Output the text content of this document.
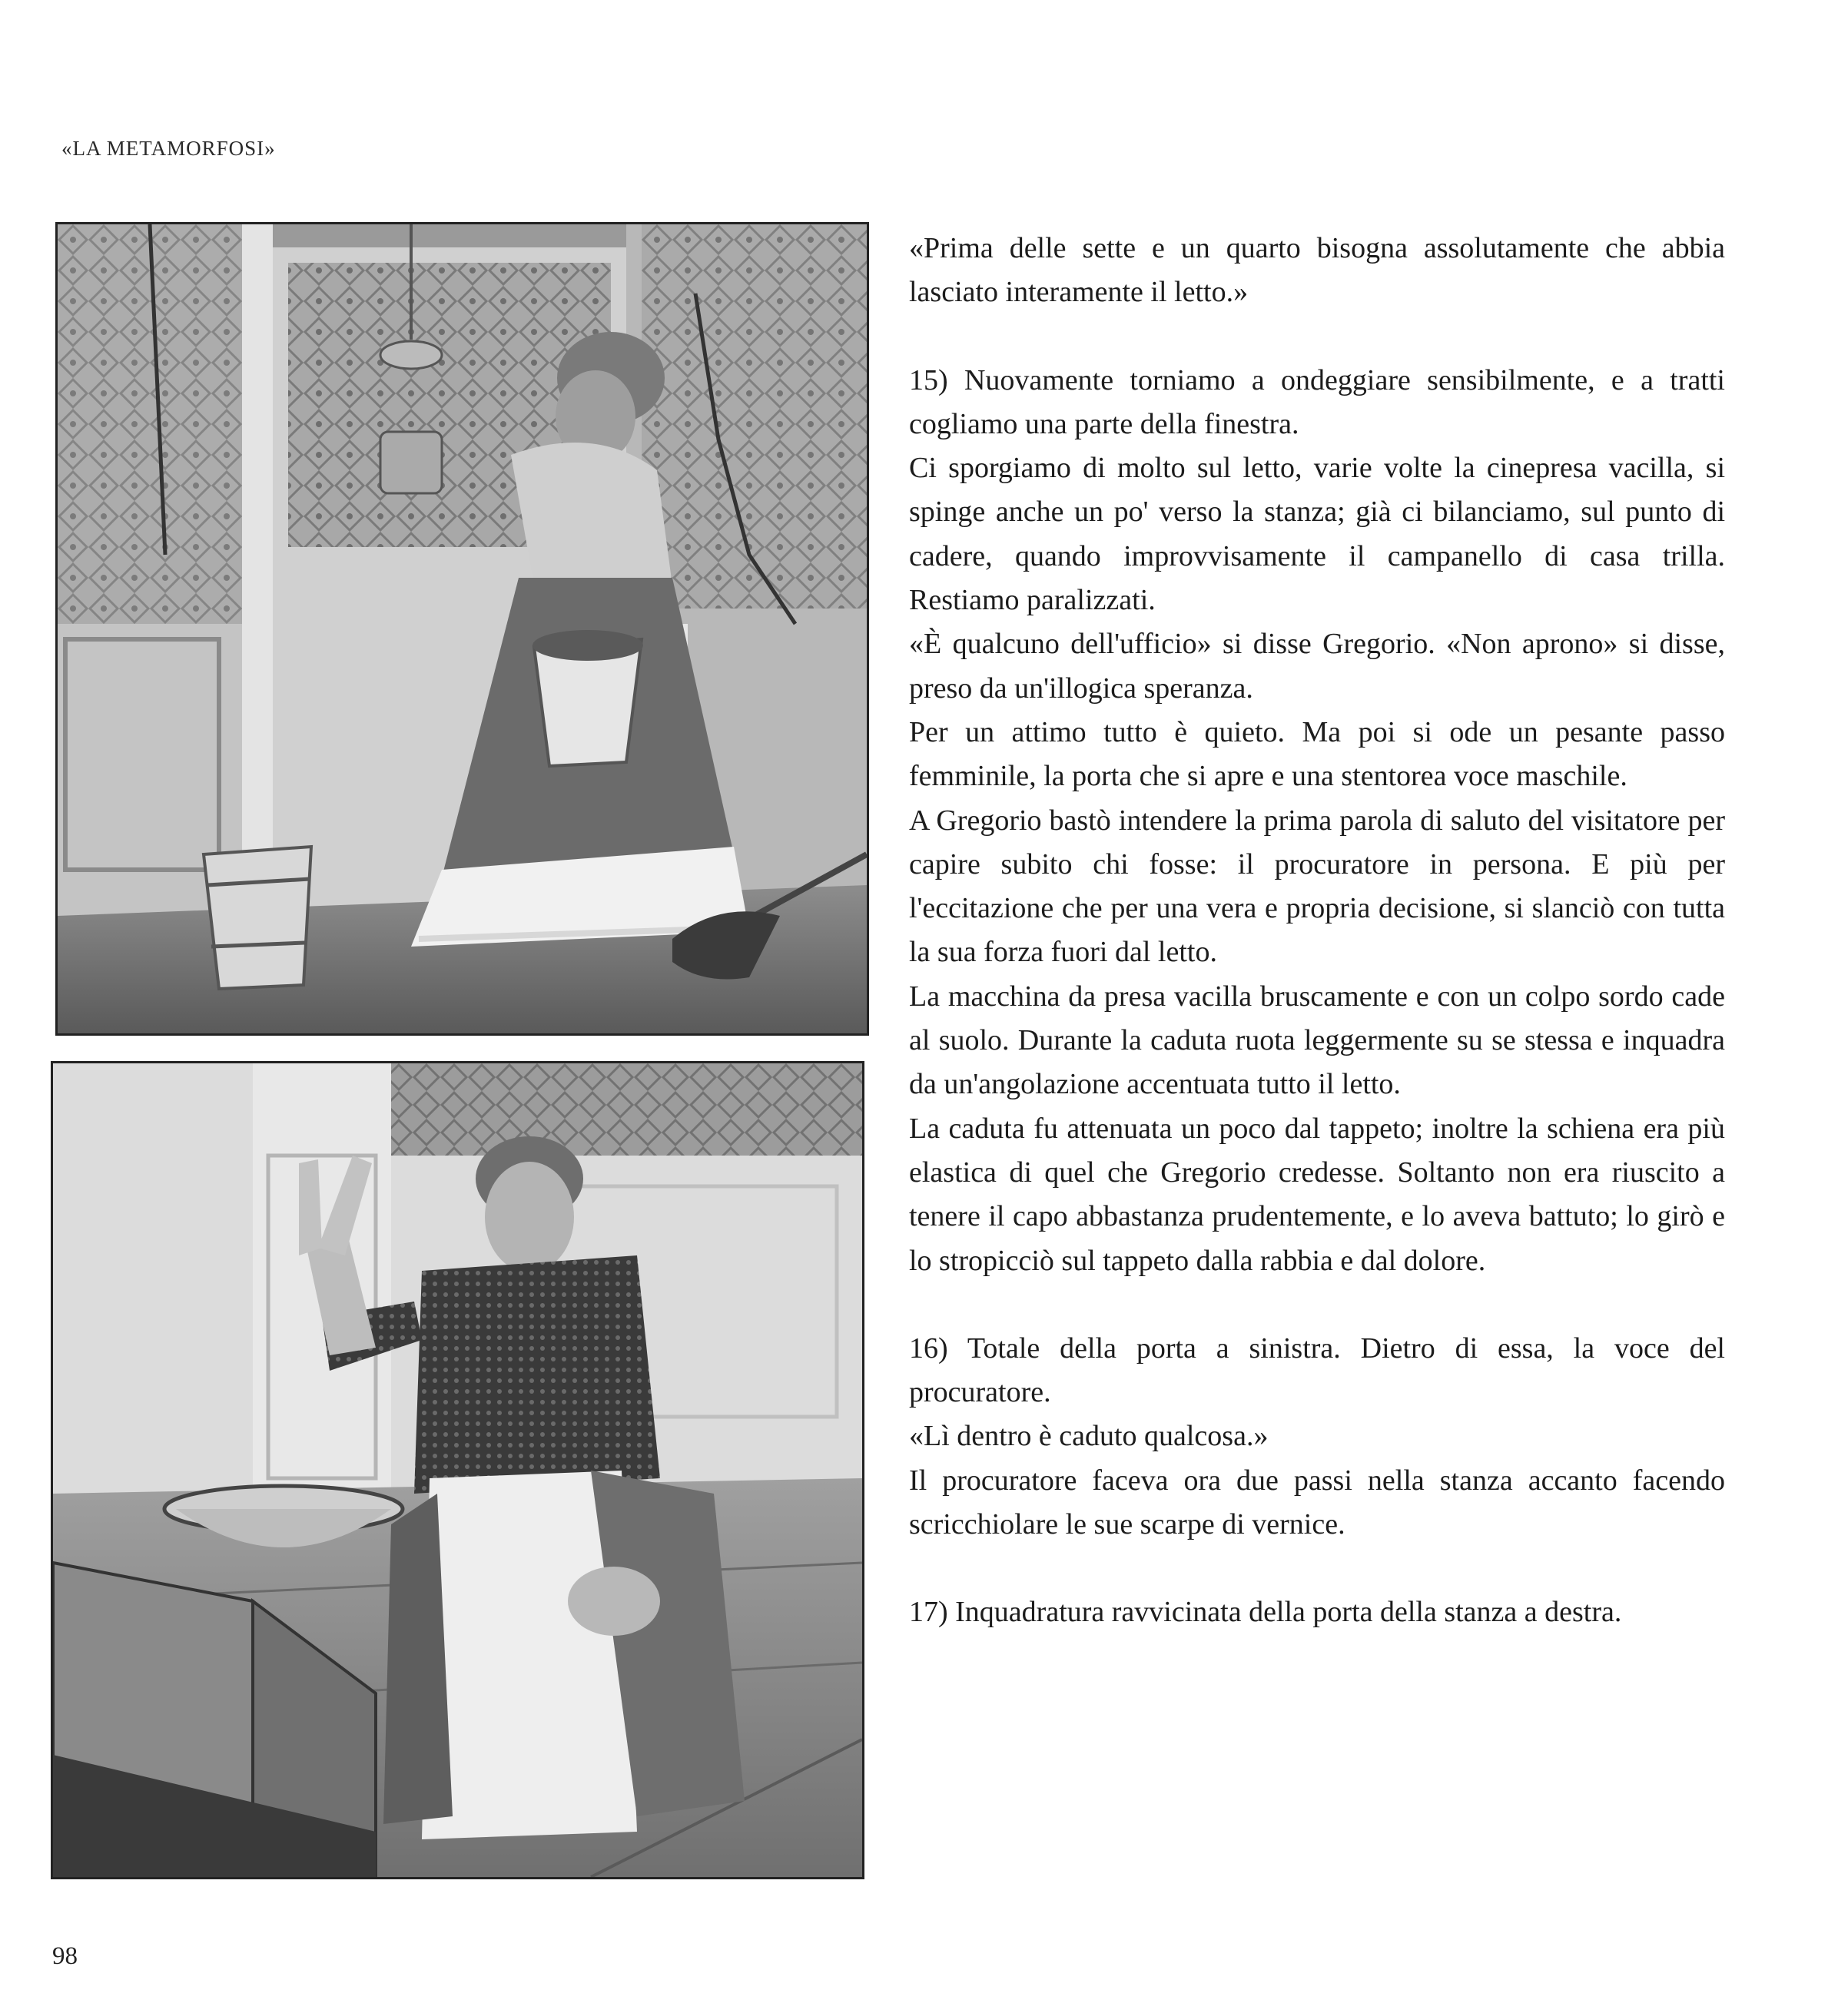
«LA METAMORFOSI»

«Prima delle sette e un quarto bisogna assolutamente che abbia lasciato interamente il letto.»

15) Nuovamente torniamo a ondeggiare sensibilmente, e a tratti cogliamo una parte della finestra.

Ci sporgiamo di molto sul letto, varie volte la cinepresa vacilla, si spinge anche un po' verso la stanza; già ci bilanciamo, sul punto di cadere, quando improvvisamente il campanello di casa trilla. Restiamo paralizzati.

«È qualcuno dell'ufficio» si disse Gregorio. «Non aprono» si disse, preso da un'illogica speranza.

Per un attimo tutto è quieto. Ma poi si ode un pesante passo femminile, la porta che si apre e una stentorea voce maschile.

A Gregorio bastò intendere la prima parola di saluto del visitatore per capire subito chi fosse: il procuratore in persona. E più per l'eccitazione che per una vera e propria decisione, si slanciò con tutta la sua forza fuori dal letto.

La macchina da presa vacilla bruscamente e con un colpo sordo cade al suolo. Durante la caduta ruota leggermente su se stessa e inquadra da un'angolazione accentuata tutto il letto.

La caduta fu attenuata un poco dal tappeto; inoltre la schiena era più elastica di quel che Gregorio credesse. Soltanto non era riuscito a tenere il capo abbastanza prudentemente, e lo aveva battuto; lo girò e lo stropicciò sul tappeto dalla rabbia e dal dolore.

16) Totale della porta a sinistra. Dietro di essa, la voce del procuratore.

«Lì dentro è caduto qualcosa.»

Il procuratore faceva ora due passi nella stanza accanto facendo scricchiolare le sue scarpe di vernice.

17) Inquadratura ravvicinata della porta della stanza a destra.

98
